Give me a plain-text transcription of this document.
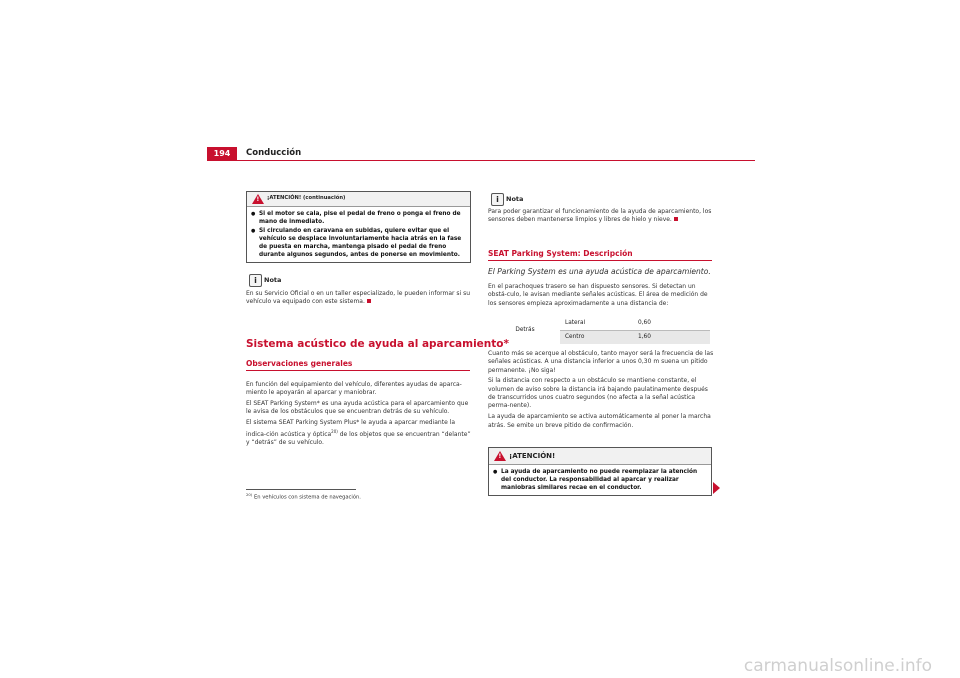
194	Conducción
!
¡ATENCIÓN! (continuación)
● Si el motor se cala, pise el pedal de freno o ponga el freno de mano de inmediato.
● Si circulando en caravana en subidas, quiere evitar que el vehículo se desplace involuntariamente hacia atrás en la fase de puesta en marcha, mantenga pisado el pedal de freno durante algunos segundos, antes de ponerse en movimiento.
i	Nota

En su Servicio Oficial o en un taller especializado, le pueden informar si su vehículo va equipado con este sistema.

Sistema acústico de ayuda al aparcamiento*
Observaciones generales

En función del equipamiento del vehículo, diferentes ayudas de aparca-miento le apoyarán al aparcar y maniobrar.

El SEAT Parking System* es una ayuda acústica para el aparcamiento que le avisa de los obstáculos que se encuentran detrás de su vehículo.

El sistema SEAT Parking System Plus* le ayuda a aparcar mediante la indica-ción acústica y óptica$^{20)}$ de los objetos que se encuentran “delante” y “detrás” de su vehículo.

$^{20)}$ En vehículos con sistema de navegación.
i	Nota

Para poder garantizar el funcionamiento de la ayuda de aparcamiento, los sensores deben mantenerse limpios y libres de hielo y nieve.

SEAT Parking System: Descripción
El Parking System es una ayuda acústica de aparcamiento.

En el parachoques trasero se han dispuesto sensores. Si detectan un obstá-culo, le avisan mediante señales acústicas. El área de medición de los sensores empieza aproximadamente a una distancia de:

Detrás
Lateral	0,60
Centro	1,60

Cuanto más se acerque al obstáculo, tanto mayor será la frecuencia de las señales acústicas. A una distancia inferior a unos 0,30 m suena un pitido permanente. ¡No siga!

Si la distancia con respecto a un obstáculo se mantiene constante, el volumen de aviso sobre la distancia irá bajando paulatinamente después de transcurridos unos cuatro segundos (no afecta a la señal acústica perma-nente).

La ayuda de aparcamiento se activa automáticamente al poner la marcha atrás. Se emite un breve pitido de confirmación.

!
¡ATENCIÓN!
● La ayuda de aparcamiento no puede reemplazar la atención del conductor. La responsabilidad al aparcar y realizar maniobras similares recae en el conductor.
carmanualsonline.info
